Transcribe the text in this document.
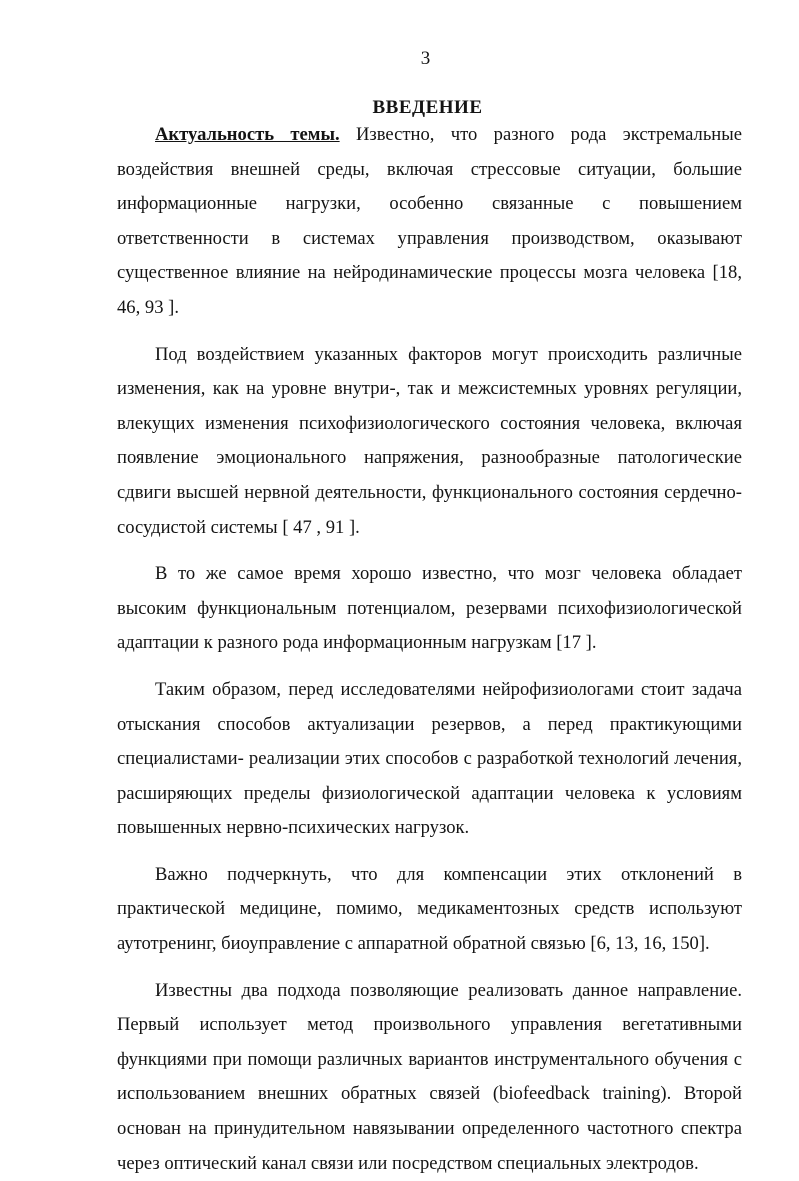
3
ВВЕДЕНИЕ

Актуальность темы. Известно, что разного рода экстремальные воздействия внешней среды, включая стрессовые ситуации, большие информационные нагрузки, особенно связанные с повышением ответственности в системах управления производством, оказывают существенное влияние на нейродинамические процессы мозга человека [18, 46, 93 ].

Под воздействием указанных факторов могут происходить различные изменения, как на уровне внутри-, так и межсистемных уровнях регуляции, влекущих изменения психофизиологического состояния человека, включая появление эмоционального напряжения, разнообразные патологические сдвиги высшей нервной деятельности, функционального состояния сердечно-сосудистой системы [ 47 , 91 ].

В то же самое время хорошо известно, что мозг человека обладает высоким функциональным потенциалом, резервами психофизиологической адаптации к разного рода информационным нагрузкам [17 ].

Таким образом, перед исследователями нейрофизиологами стоит задача отыскания способов актуализации резервов, а перед практикующими специалистами- реализации этих способов с разработкой технологий лечения, расширяющих пределы физиологической адаптации человека к условиям повышенных нервно-психических нагрузок.

Важно подчеркнуть, что для компенсации этих отклонений в практической медицине, помимо, медикаментозных средств используют аутотренинг, биоуправление с аппаратной обратной связью [6, 13, 16, 150].

Известны два подхода позволяющие реализовать данное направление. Первый использует метод произвольного управления вегетативными функциями при помощи различных вариантов инструментального обучения с использованием внешних обратных связей (biofeedback training). Второй основан на принудительном навязывании определенного частотного спектра через оптический канал связи или посредством специальных электродов.
